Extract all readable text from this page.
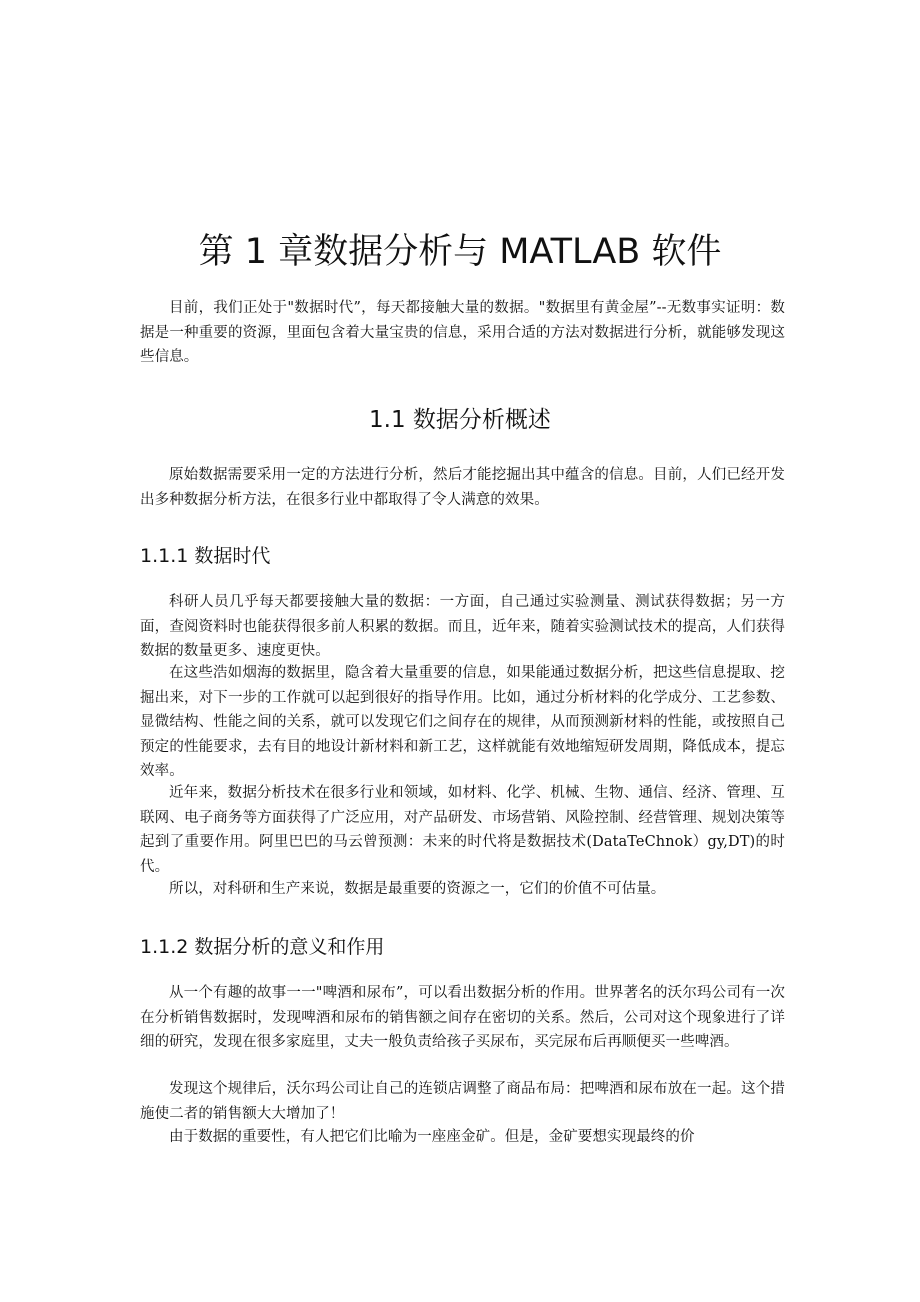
第 1 章数据分析与 MATLAB 软件

目前，我们正处于"数据时代”，每天都接触大量的数据。"数据里有黄金屋”--无数事实证明：数据是一种重要的资源，里面包含着大量宝贵的信息，采用合适的方法对数据进行分析，就能够发现这些信息。

1.1 数据分析概述

原始数据需要采用一定的方法进行分析，然后才能挖掘出其中蕴含的信息。目前，人们已经开发出多种数据分析方法，在很多行业中都取得了令人满意的效果。

1.1.1 数据时代

科研人员几乎每天都要接触大量的数据：一方面，自己通过实验测量、测试获得数据；另一方面，查阅资料时也能获得很多前人积累的数据。而且，近年来，随着实验测试技术的提高，人们获得数据的数量更多、速度更快。

在这些浩如烟海的数据里，隐含着大量重要的信息，如果能通过数据分析，把这些信息提取、挖掘出来，对下一步的工作就可以起到很好的指导作用。比如，通过分析材料的化学成分、工艺参数、显微结构、性能之间的关系，就可以发现它们之间存在的规律，从而预测新材料的性能，或按照自己预定的性能要求，去有目的地设计新材料和新工艺，这样就能有效地缩短研发周期，降低成本，提忘效率。

近年来，数据分析技术在很多行业和领域，如材料、化学、机械、生物、通信、经济、管理、互联网、电子商务等方面获得了广泛应用，对产品研发、市场营销、风险控制、经营管理、规划决策等起到了重要作用。阿里巴巴的马云曾预测：未来的时代将是数据技术(DataTeChnok）gy,DT)的时代。

所以，对科研和生产来说，数据是最重要的资源之一，它们的价值不可估量。

1.1.2 数据分析的意义和作用

从一个有趣的故事一一"啤酒和尿布”，可以看出数据分析的作用。世界著名的沃尔玛公司有一次在分析销售数据时，发现啤酒和尿布的销售额之间存在密切的关系。然后，公司对这个现象进行了详细的研究，发现在很多家庭里，丈夫一般负责给孩子买尿布，买完尿布后再顺便买一些啤酒。

发现这个规律后，沃尔玛公司让自己的连锁店调整了商品布局：把啤酒和尿布放在一起。这个措施使二者的销售额大大增加了！

由于数据的重要性，有人把它们比喻为一座座金矿。但是，金矿要想实现最终的价
